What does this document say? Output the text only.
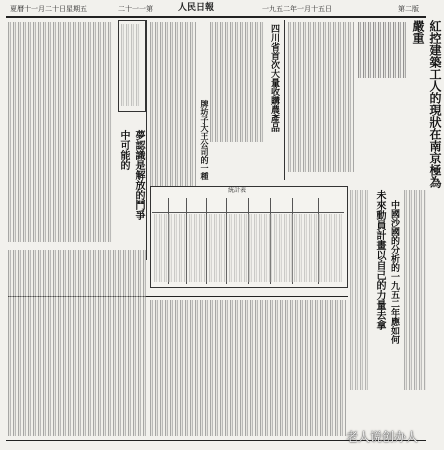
夏曆十一月二十日星期五	二十一一第	人民日報	一九五二年一月十五日	第二版
紅控建築工人的現狀在南京極為嚴重
四川省首次大量收購農產品
牌坊子大王公司的一種
夢認識是解放的鬥爭中可能的
統計表
中國沙國的分析的一九五二年應如何
未來動員計畫以自己的力量去拿
老人说创办人
